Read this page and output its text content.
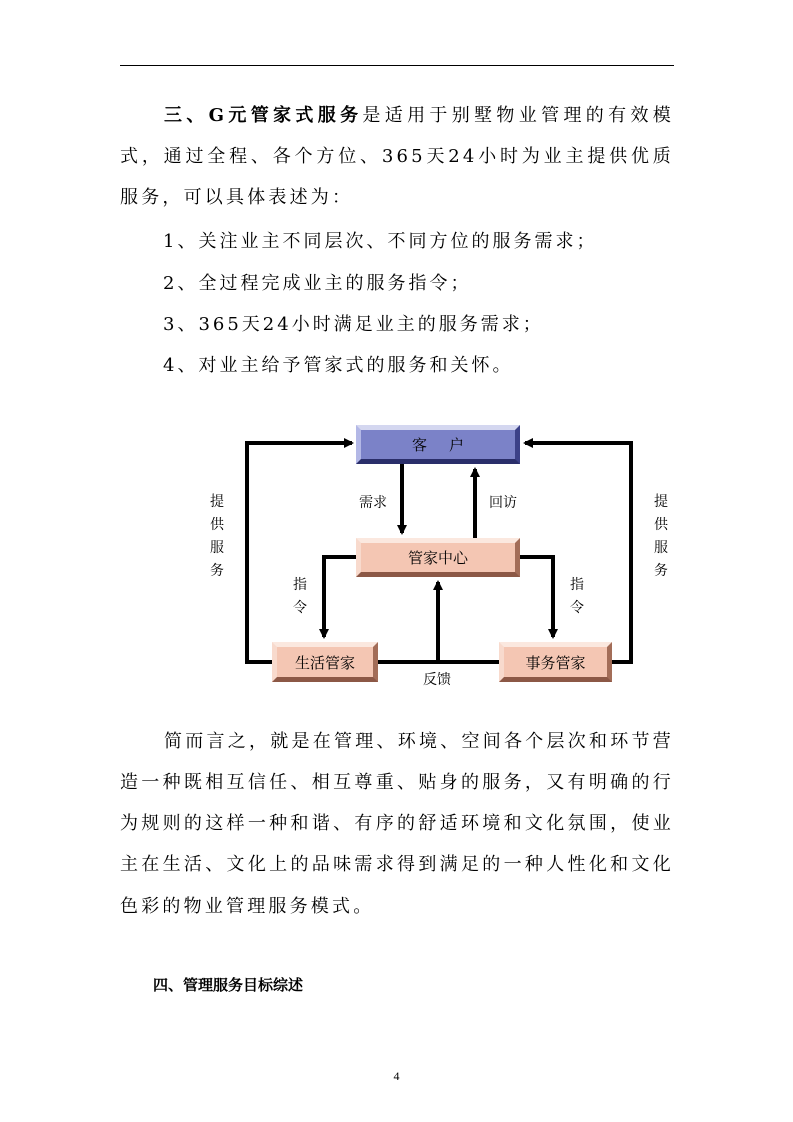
三、G元管家式服务是适用于别墅物业管理的有效模
式，通过全程、各个方位、365天24小时为业主提供优质
服务，可以具体表述为：
1、关注业主不同层次、不同方位的服务需求；
2、全过程完成业主的服务指令；
3、365天24小时满足业主的服务需求；
4、对业主给予管家式的服务和关怀。
客户
管家中心
生活管家	事务管家
需求	回访
反馈
提供服务
提供服务
指令
指令
简而言之，就是在管理、环境、空间各个层次和环节营
造一种既相互信任、相互尊重、贴身的服务，又有明确的行
为规则的这样一种和谐、有序的舒适环境和文化氛围，使业
主在生活、文化上的品味需求得到满足的一种人性化和文化
色彩的物业管理服务模式。
四、管理服务目标综述
4
